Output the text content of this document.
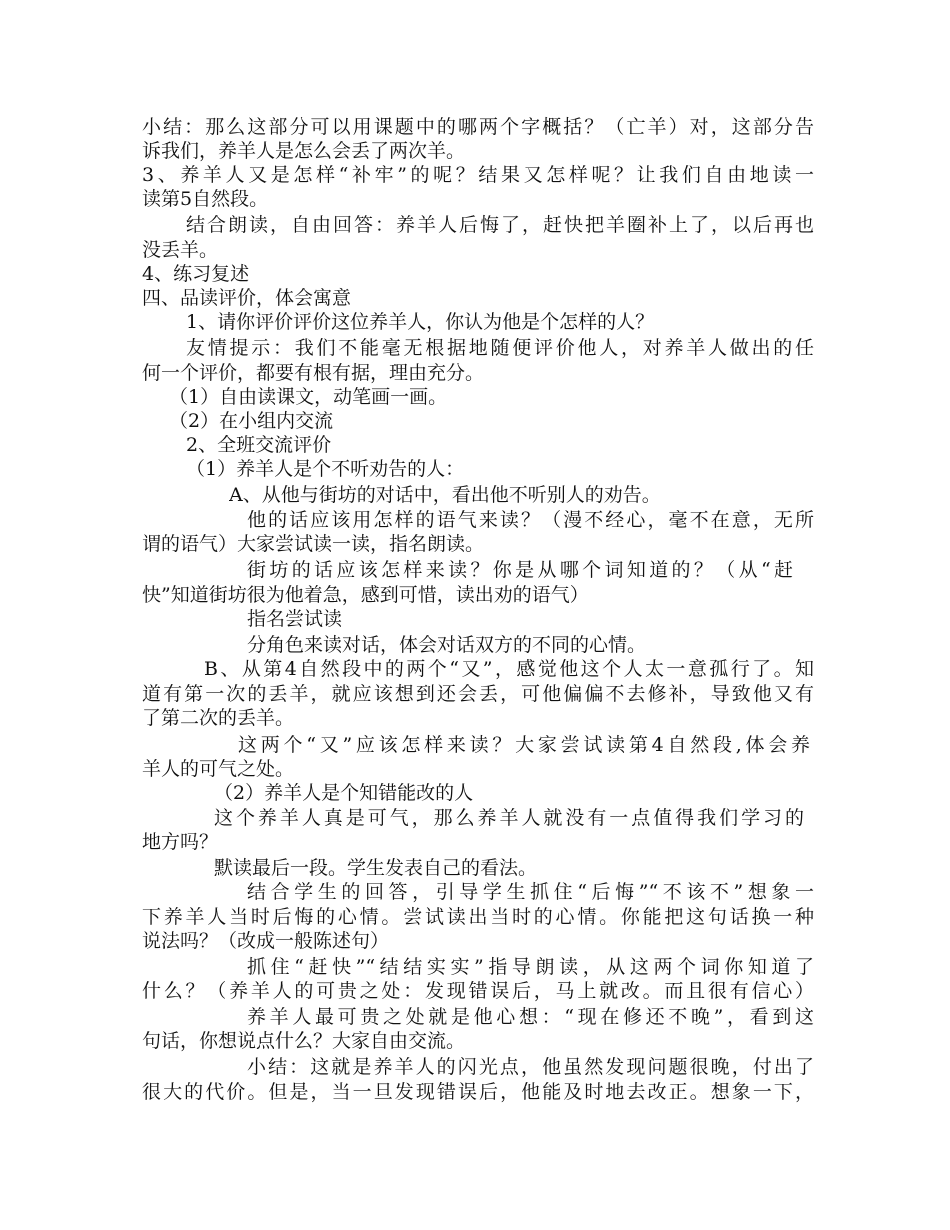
小结：那么这部分可以用课题中的哪两个字概括？（亡羊）对，这部分告
诉我们，养羊人是怎么会丢了两次羊。
3、养羊人又是怎样“补牢”的呢？结果又怎样呢？让我们自由地读一
读第5自然段。
结合朗读，自由回答：养羊人后悔了，赶快把羊圈补上了，以后再也
没丢羊。
4、练习复述
四、品读评价，体会寓意
1、请你评价评价这位养羊人，你认为他是个怎样的人？
友情提示：我们不能毫无根据地随便评价他人，对养羊人做出的任
何一个评价，都要有根有据，理由充分。
（1）自由读课文，动笔画一画。
（2）在小组内交流
2、全班交流评价
（1）养羊人是个不听劝告的人：
A、从他与街坊的对话中，看出他不听别人的劝告。
他的话应该用怎样的语气来读？（漫不经心，毫不在意，无所
谓的语气）大家尝试读一读，指名朗读。
街坊的话应该怎样来读？你是从哪个词知道的？（从“赶
快”知道街坊很为他着急，感到可惜，读出劝的语气）
指名尝试读
分角色来读对话，体会对话双方的不同的心情。
B、从第4自然段中的两个“又”，感觉他这个人太一意孤行了。知
道有第一次的丢羊，就应该想到还会丢，可他偏偏不去修补，导致他又有
了第二次的丢羊。
这两个“又”应该怎样来读？大家尝试读第4自然段,体会养
羊人的可气之处。
（2）养羊人是个知错能改的人
这个养羊人真是可气，那么养羊人就没有一点值得我们学习的
地方吗？
默读最后一段。学生发表自己的看法。
结合学生的回答，引导学生抓住“后悔”“不该不”想象一
下养羊人当时后悔的心情。尝试读出当时的心情。你能把这句话换一种
说法吗？（改成一般陈述句）
抓住“赶快”“结结实实”指导朗读，从这两个词你知道了
什么？（养羊人的可贵之处：发现错误后，马上就改。而且很有信心）
养羊人最可贵之处就是他心想：“现在修还不晚”，看到这
句话，你想说点什么？大家自由交流。
小结：这就是养羊人的闪光点，他虽然发现问题很晚，付出了
很大的代价。但是，当一旦发现错误后，他能及时地去改正。想象一下，
